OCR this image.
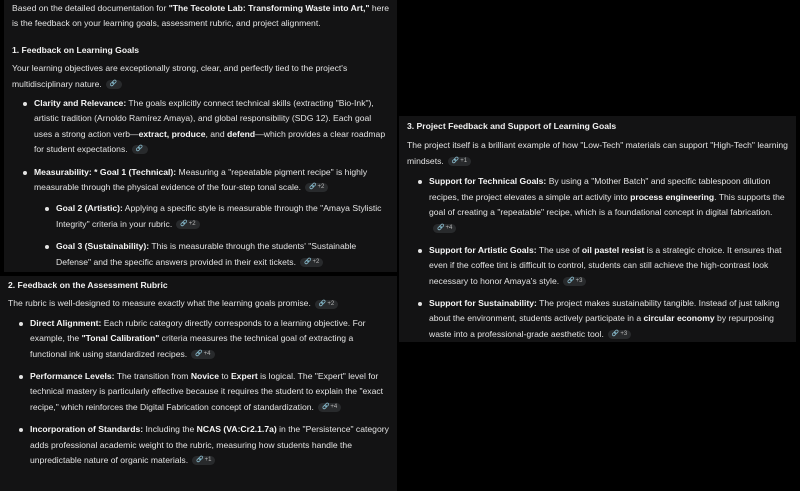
Based on the detailed documentation for "The Tecolote Lab: Transforming Waste into Art," here is the feedback on your learning goals, assessment rubric, and project alignment.

1. Feedback on Learning Goals

Your learning objectives are exceptionally strong, clear, and perfectly tied to the project's multidisciplinary nature. 🔗

Clarity and Relevance: The goals explicitly connect technical skills (extracting "Bio-Ink"), artistic tradition (Arnoldo Ramírez Amaya), and global responsibility (SDG 12). Each goal uses a strong action verb—extract, produce, and defend—which provides a clear roadmap for student expectations. 🔗
Measurability: * Goal 1 (Technical): Measuring a "repeatable pigment recipe" is highly measurable through the physical evidence of the four-step tonal scale. 🔗+2
Goal 2 (Artistic): Applying a specific style is measurable through the "Amaya Stylistic Integrity" criteria in your rubric. 🔗+2
Goal 3 (Sustainability): This is measurable through the students' "Sustainable Defense" and the specific answers provided in their exit tickets. 🔗+2

2. Feedback on the Assessment Rubric

The rubric is well-designed to measure exactly what the learning goals promise. 🔗+2

Direct Alignment: Each rubric category directly corresponds to a learning objective. For example, the "Tonal Calibration" criteria measures the technical goal of extracting a functional ink using standardized recipes. 🔗+4
Performance Levels: The transition from Novice to Expert is logical. The "Expert" level for technical mastery is particularly effective because it requires the student to explain the "exact recipe," which reinforces the Digital Fabrication concept of standardization. 🔗+4
Incorporation of Standards: Including the NCAS (VA:Cr2.1.7a) in the "Persistence" category adds professional academic weight to the rubric, measuring how students handle the unpredictable nature of organic materials. 🔗+1

3. Project Feedback and Support of Learning Goals

The project itself is a brilliant example of how "Low-Tech" materials can support "High-Tech" learning mindsets. 🔗+1

Support for Technical Goals: By using a "Mother Batch" and specific tablespoon dilution recipes, the project elevates a simple art activity into process engineering. This supports the goal of creating a "repeatable" recipe, which is a foundational concept in digital fabrication.🔗+4
Support for Artistic Goals: The use of oil pastel resist is a strategic choice. It ensures that even if the coffee tint is difficult to control, students can still achieve the high-contrast look necessary to honor Amaya's style. 🔗+3
Support for Sustainability: The project makes sustainability tangible. Instead of just talking about the environment, students actively participate in a circular economy by repurposing waste into a professional-grade aesthetic tool. 🔗+3
